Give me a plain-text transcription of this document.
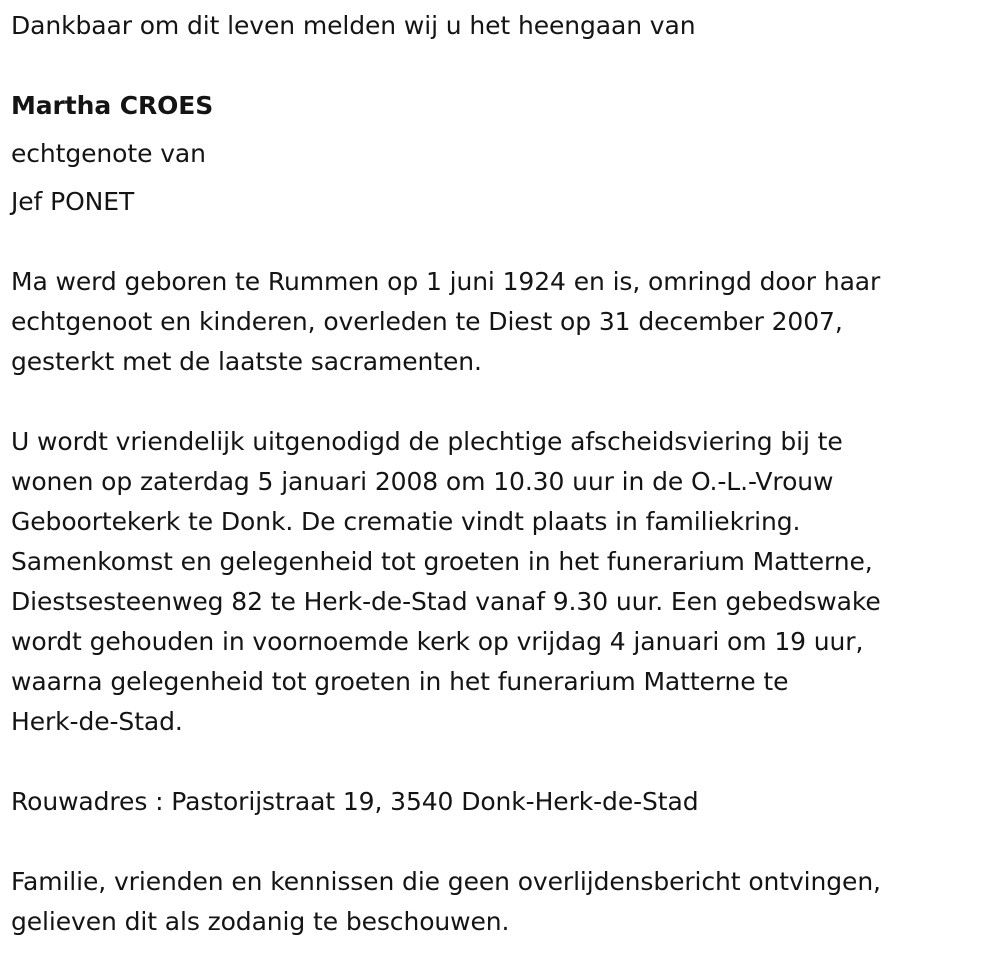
Dankbaar om dit leven melden wij u het heengaan van
Martha CROES
echtgenote van
Jef PONET
Ma werd geboren te Rummen op 1 juni 1924 en is, omringd door haar
echtgenoot en kinderen, overleden te Diest op 31 december 2007,
gesterkt met de laatste sacramenten.
U wordt vriendelijk uitgenodigd de plechtige afscheidsviering bij te
wonen op zaterdag 5 januari 2008 om 10.30 uur in de O.-L.-Vrouw
Geboortekerk te Donk. De crematie vindt plaats in familiekring.
Samenkomst en gelegenheid tot groeten in het funerarium Matterne,
Diestsesteenweg 82 te Herk-de-Stad vanaf 9.30 uur. Een gebedswake
wordt gehouden in voornoemde kerk op vrijdag 4 januari om 19 uur,
waarna gelegenheid tot groeten in het funerarium Matterne te
Herk-de-Stad.
Rouwadres : Pastorijstraat 19, 3540 Donk-Herk-de-Stad
Familie, vrienden en kennissen die geen overlijdensbericht ontvingen,
gelieven dit als zodanig te beschouwen.
